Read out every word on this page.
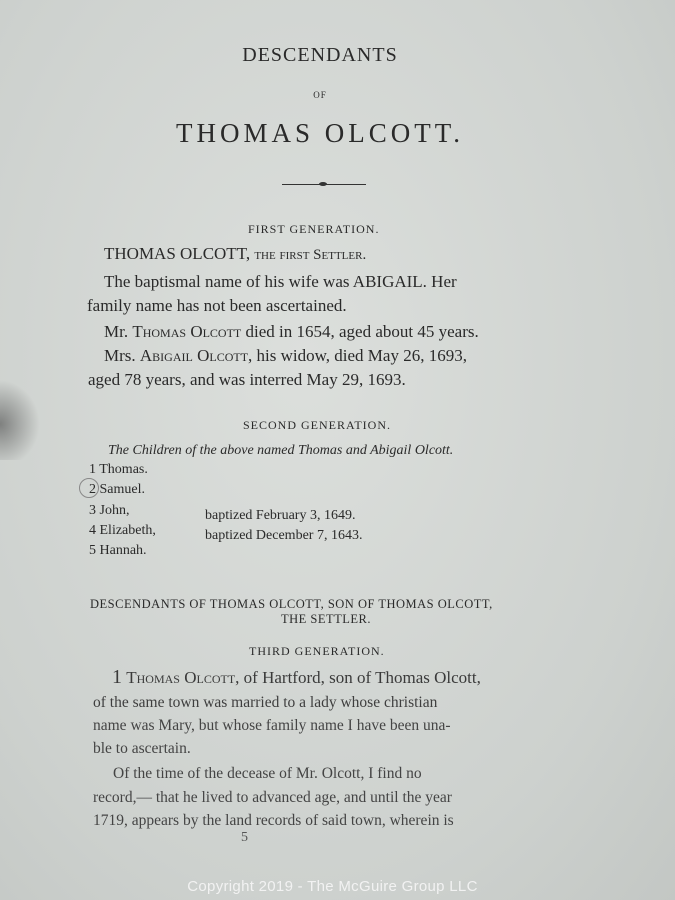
DESCENDANTS
OF
THOMAS OLCOTT.
FIRST GENERATION.
THOMAS OLCOTT, the first Settler.
The baptismal name of his wife was ABIGAIL. Her
family name has not been ascertained.
Mr. Thomas Olcott died in 1654, aged about 45 years.
Mrs. Abigail Olcott, his widow, died May 26, 1693,
aged 78 years, and was interred May 29, 1693.
SECOND GENERATION.
The Children of the above named Thomas and Abigail Olcott.
1 Thomas.
2 Samuel.
3 John,	baptized February 3, 1649.
4 Elizabeth,	baptized December 7, 1643.
5 Hannah.
DESCENDANTS OF THOMAS OLCOTT, SON OF THOMAS OLCOTT,
THE SETTLER.
THIRD GENERATION.
1 Thomas Olcott, of Hartford, son of Thomas Olcott,
of the same town was married to a lady whose christian
name was Mary, but whose family name I have been una-
ble to ascertain.
Of the time of the decease of Mr. Olcott, I find no
record,— that he lived to advanced age, and until the year
1719, appears by the land records of said town, wherein is
5
Copyright 2019 - The McGuire Group LLC
